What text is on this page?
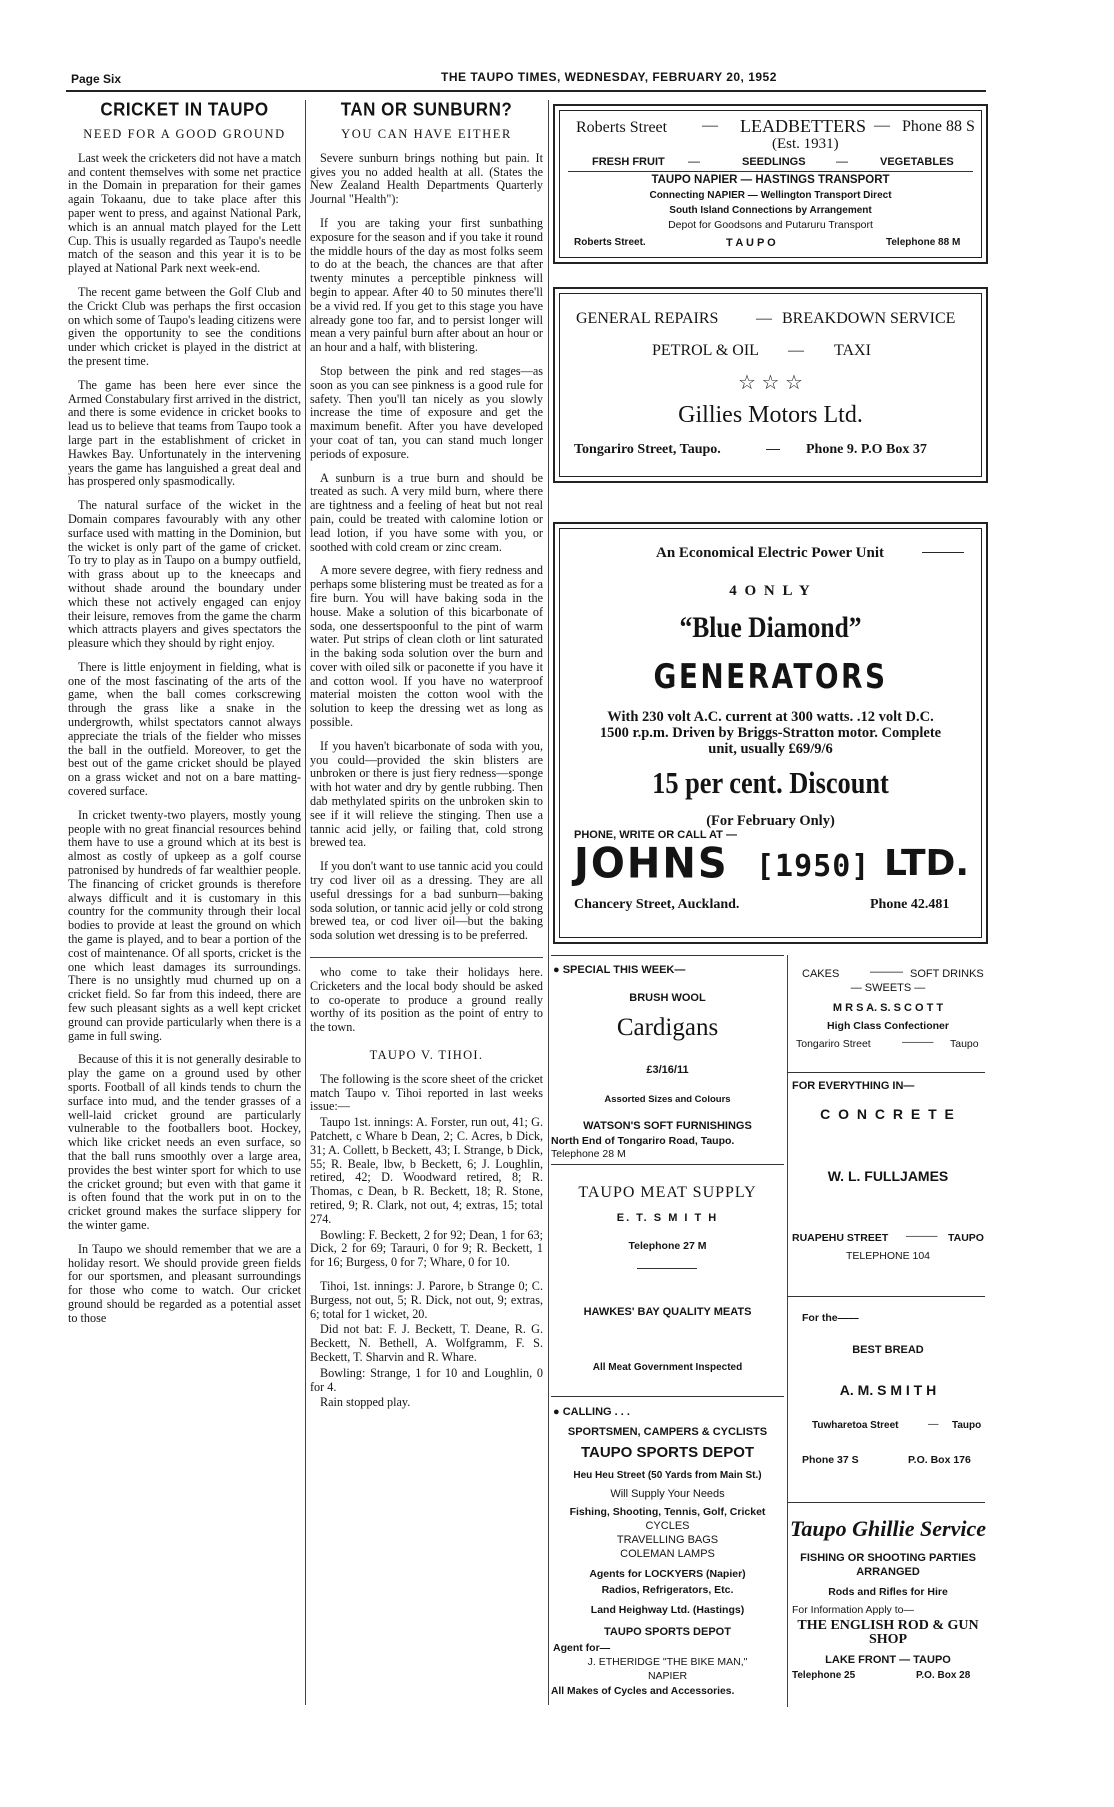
Page Six	THE TAUPO TIMES, WEDNESDAY, FEBRUARY 20, 1952
CRICKET IN TAUPO
NEED FOR A GOOD GROUND

Last week the cricketers did not have a match and content themselves with some net practice in the Domain in preparation for their games again Tokaanu, due to take place after this paper went to press, and against National Park, which is an annual match played for the Lett Cup. This is usually regarded as Taupo's needle match of the season and this year it is to be played at National Park next week-end.

The recent game between the Golf Club and the Crickt Club was perhaps the first occasion on which some of Taupo's leading citizens were given the opportunity to see the conditions under which cricket is played in the district at the present time.

The game has been here ever since the Armed Constabulary first arrived in the district, and there is some evidence in cricket books to lead us to believe that teams from Taupo took a large part in the establishment of cricket in Hawkes Bay. Unfortunately in the intervening years the game has languished a great deal and has prospered only spasmodically.

The natural surface of the wicket in the Domain compares favourably with any other surface used with matting in the Dominion, but the wicket is only part of the game of cricket. To try to play as in Taupo on a bumpy outfield, with grass about up to the kneecaps and without shade around the boundary under which these not actively engaged can enjoy their leisure, removes from the game the charm which attracts players and gives spectators the pleasure which they should by right enjoy.

There is little enjoyment in fielding, what is one of the most fascinating of the arts of the game, when the ball comes corkscrewing through the grass like a snake in the undergrowth, whilst spectators cannot always appreciate the trials of the fielder who misses the ball in the outfield. Moreover, to get the best out of the game cricket should be played on a grass wicket and not on a bare matting-covered surface.

In cricket twenty-two players, mostly young people with no great financial resources behind them have to use a ground which at its best is almost as costly of upkeep as a golf course patronised by hundreds of far wealthier people. The financing of cricket grounds is therefore always difficult and it is customary in this country for the community through their local bodies to provide at least the ground on which the game is played, and to bear a portion of the cost of maintenance. Of all sports, cricket is the one which least damages its surroundings. There is no unsightly mud churned up on a cricket field. So far from this indeed, there are few such pleasant sights as a well kept cricket ground can provide particularly when there is a game in full swing.

Because of this it is not generally desirable to play the game on a ground used by other sports. Football of all kinds tends to churn the surface into mud, and the tender grasses of a well-laid cricket ground are particularly vulnerable to the footballers boot. Hockey, which like cricket needs an even surface, so that the ball runs smoothly over a large area, provides the best winter sport for which to use the cricket ground; but even with that game it is often found that the work put in on to the cricket ground makes the surface slippery for the winter game.

In Taupo we should remember that we are a holiday resort. We should provide green fields for our sportsmen, and pleasant surroundings for those who come to watch. Our cricket ground should be regarded as a potential asset to those

TAN OR SUNBURN?
YOU CAN HAVE EITHER

Severe sunburn brings nothing but pain. It gives you no added health at all. (States the New Zealand Health Departments Quarterly Journal "Health"):

If you are taking your first sunbathing exposure for the season and if you take it round the middle hours of the day as most folks seem to do at the beach, the chances are that after twenty minutes a perceptible pinkness will begin to appear. After 40 to 50 minutes there'll be a vivid red. If you get to this stage you have already gone too far, and to persist longer will mean a very painful burn after about an hour or an hour and a half, with blistering.

Stop between the pink and red stages—as soon as you can see pinkness is a good rule for safety. Then you'll tan nicely as you slowly increase the time of exposure and get the maximum benefit. After you have developed your coat of tan, you can stand much longer periods of exposure.

A sunburn is a true burn and should be treated as such. A very mild burn, where there are tightness and a feeling of heat but not real pain, could be treated with calomine lotion or lead lotion, if you have some with you, or soothed with cold cream or zinc cream.

A more severe degree, with fiery redness and perhaps some blistering must be treated as for a fire burn. You will have baking soda in the house. Make a solution of this bicarbonate of soda, one dessertspoonful to the pint of warm water. Put strips of clean cloth or lint saturated in the baking soda solution over the burn and cover with oiled silk or paconette if you have it and cotton wool. If you have no waterproof material moisten the cotton wool with the solution to keep the dressing wet as long as possible.

If you haven't bicarbonate of soda with you, you could—provided the skin blisters are unbroken or there is just fiery redness—sponge with hot water and dry by gentle rubbing. Then dab methylated spirits on the unbroken skin to see if it will relieve the stinging. Then use a tannic acid jelly, or failing that, cold strong brewed tea.

If you don't want to use tannic acid you could try cod liver oil as a dressing. They are all useful dressings for a bad sunburn—baking soda solution, or tannic acid jelly or cold strong brewed tea, or cod liver oil—but the baking soda solution wet dressing is to be preferred.

who come to take their holidays here. Cricketers and the local body should be asked to co-operate to produce a ground really worthy of its position as the point of entry to the town.

TAUPO V. TIHOI.

The following is the score sheet of the cricket match Taupo v. Tihoi reported in last weeks issue:—

Taupo 1st. innings: A. Forster, run out, 41; G. Patchett, c Whare b Dean, 2; C. Acres, b Dick, 31; A. Collett, b Beckett, 43; I. Strange, b Dick, 55; R. Beale, lbw, b Beckett, 6; J. Loughlin, retired, 42; D. Woodward retired, 8; R. Thomas, c Dean, b R. Beckett, 18; R. Stone, retired, 9; R. Clark, not out, 4; extras, 15; total 274.

Bowling: F. Beckett, 2 for 92; Dean, 1 for 63; Dick, 2 for 69; Tarauri, 0 for 9; R. Beckett, 1 for 16; Burgess, 0 for 7; Whare, 0 for 10.

Tihoi, 1st. innings: J. Parore, b Strange 0; C. Burgess, not out, 5; R. Dick, not out, 9; extras, 6; total for 1 wicket, 20.

Did not bat: F. J. Beckett, T. Deane, R. G. Beckett, N. Bethell, A. Wolfgramm, F. S. Beckett, T. Sharvin and R. Whare.

Bowling: Strange, 1 for 10 and Loughlin, 0 for 4.

Rain stopped play.

Roberts Street — LEADBETTERS — Phone 88 S
(Est. 1931)
FRESH FRUIT —	SEEDLINGS	—	VEGETABLES
TAUPO NAPIER — HASTINGS TRANSPORT
Connecting NAPIER — Wellington Transport Direct
South Island Connections by Arrangement
Depot for Goodsons and Putaruru Transport
Roberts Street.	T A U P O	Telephone 88 M
GENERAL REPAIRS — BREAKDOWN SERVICE
PETROL & OIL — TAXI
☆ ☆ ☆
Gillies Motors Ltd.
Tongariro Street, Taupo.	— Phone 9. P.O Box 37
An Economical Electric Power Unit	———
4 O N L Y
“Blue Diamond”
GENERATORS
With 230 volt A.C. current at 300 watts. .12 volt D.C.
1500 r.p.m. Driven by Briggs-Stratton motor. Complete
unit, usually £69/9/6
15 per cent. Discount
(For February Only)
PHONE, WRITE OR CALL AT —
JOHNS [1950] LTD.
Chancery Street, Auckland.	Phone 42.481
● SPECIAL THIS WEEK—
BRUSH WOOL
Cardigans
£3/16/11
Assorted Sizes and Colours
WATSON'S SOFT FURNISHINGS
North End of Tongariro Road, Taupo.
Telephone 28 M
TAUPO MEAT SUPPLY
E. T. S M I T H
Telephone 27 M
HAWKES' BAY QUALITY MEATS
All Meat Government Inspected
● CALLING . . .
SPORTSMEN, CAMPERS & CYCLISTS
TAUPO SPORTS DEPOT
Heu Heu Street (50 Yards from Main St.)
Will Supply Your Needs
Fishing, Shooting, Tennis, Golf, Cricket
CYCLES
TRAVELLING BAGS
COLEMAN LAMPS
Agents for LOCKYERS (Napier)
Radios, Refrigerators, Etc.
Land Heighway Ltd. (Hastings)
TAUPO SPORTS DEPOT
Agent for—
J. ETHERIDGE "THE BIKE MAN,"
NAPIER
All Makes of Cycles and Accessories.
CAKES	——— SOFT DRINKS
— SWEETS —
M R S A. S. S C O T T
High Class Confectioner
Tongariro Street	——— Taupo
FOR EVERYTHING IN—
C O N C R E T E
W. L. FULLJAMES
RUAPEHU STREET ——— TAUPO
TELEPHONE 104
For the——
BEST BREAD
A. M. S M I T H
Tuwharetoa Street	— Taupo
Phone 37 S	P.O. Box 176
Taupo Ghillie Service
FISHING OR SHOOTING PARTIES
ARRANGED
Rods and Rifles for Hire
For Information Apply to—
THE ENGLISH ROD & GUN
SHOP
LAKE FRONT — TAUPO
Telephone 25	P.O. Box 28
